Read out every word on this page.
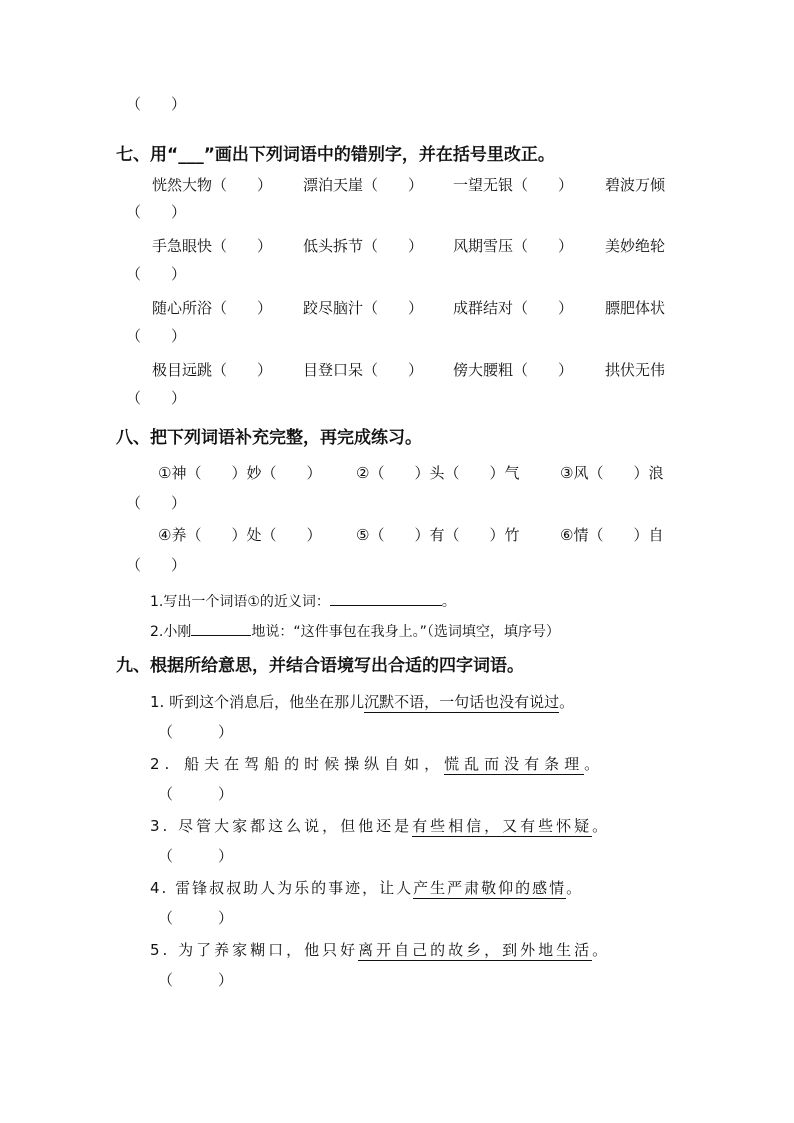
（　　）
七、用“___”画出下列词语中的错别字，并在括号里改正。
恍然大物（　　） 漂泊天崖（　　） 一望无银（　　） 碧波万倾
（　　）
手急眼快（　　） 低头拆节（　　） 风期雪压（　　） 美妙绝轮
（　　）
随心所浴（　　） 跤尽脑汁（　　） 成群结对（　　） 膘肥体状
（　　）
极目远跳（　　） 目登口呆（　　） 傍大腰粗（　　） 拱伏无伟
（　　）
八、把下列词语补充完整，再完成练习。
①神（　　）妙（　　） ②（　　）头（　　）气	③风（　　）浪
（　　）
④养（　　）处（　　） ⑤（　　）有（　　）竹	⑥情（　　）自
（　　）
1.写出一个词语①的近义词：	。
2.小刚	地说：“这件事包在我身上。”（选词填空，填序号）
九、根据所给意思，并结合语境写出合适的四字词语。
1. 听到这个消息后，他坐在那儿沉默不语，一句话也没有说过。
（　　　）
2. 船夫在驾船的时候操纵自如，慌乱而没有条理。
（　　　）
3. 尽管大家都这么说，但他还是有些相信，又有些怀疑。
（　　　）
4. 雷锋叔叔助人为乐的事迹，让人产生严肃敬仰的感情。
（　　　）
5. 为了养家糊口，他只好离开自己的故乡，到外地生活。
（　　　）
